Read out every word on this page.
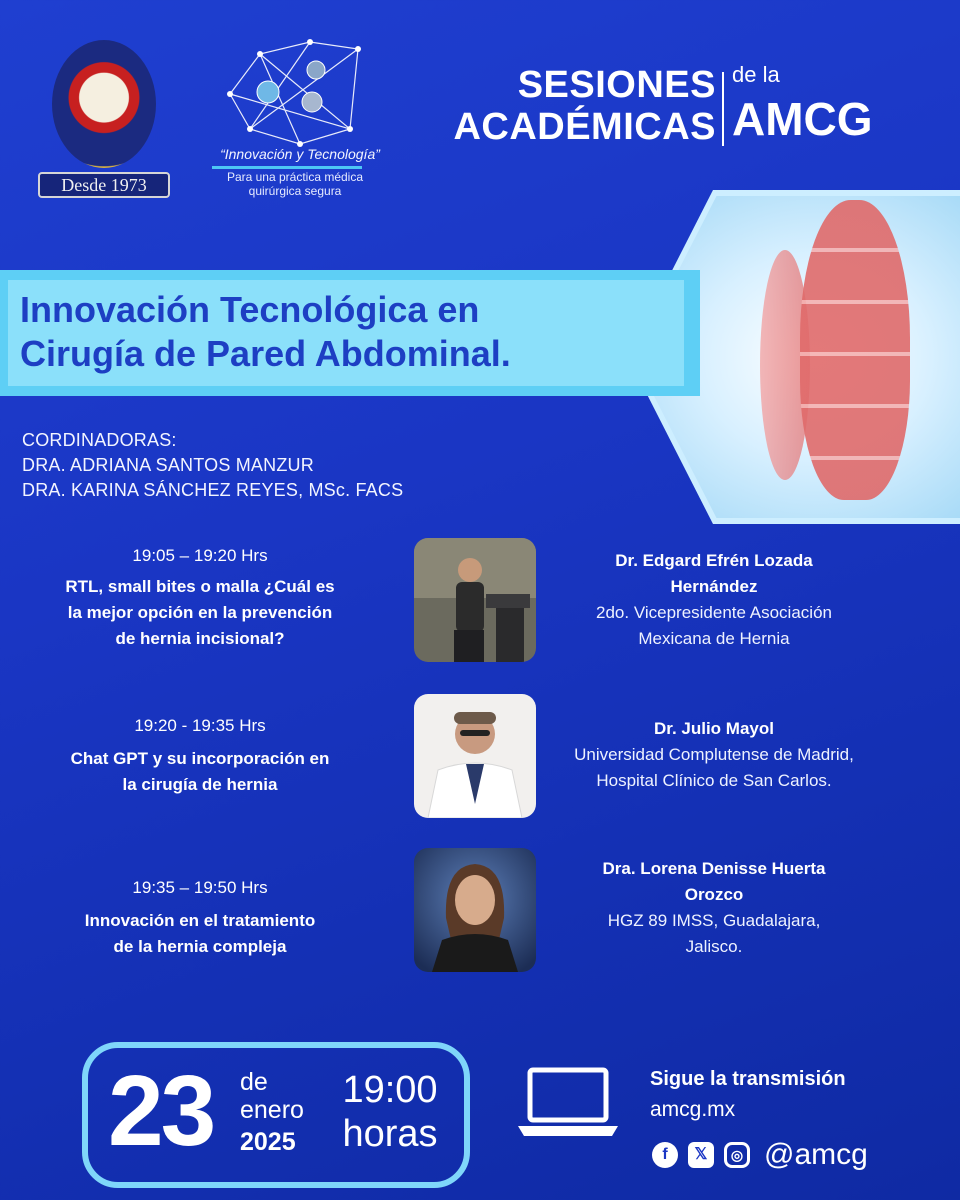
Desde 1973
“Innovación y Tecnología”
Para una práctica médica
quirúrgica segura
SESIONES
ACADÉMICAS
de la
AMCG
Innovación Tecnológica en
Cirugía de Pared Abdominal.
CORDINADORAS:
DRA. ADRIANA SANTOS MANZUR
DRA. KARINA SÁNCHEZ REYES, MSc. FACS
19:05 – 19:20 Hrs
RTL, small bites o malla ¿Cuál es
la mejor opción en la prevención
de hernia incisional?
Dr. Edgard Efrén Lozada
Hernández
2do. Vicepresidente Asociación
Mexicana de Hernia
19:20 - 19:35 Hrs
Chat GPT y su incorporación en
la cirugía de hernia
Dr. Julio Mayol
Universidad Complutense de Madrid,
Hospital Clínico de San Carlos.
19:35 – 19:50 Hrs
Innovación en el tratamiento
de la hernia compleja
Dra. Lorena Denisse Huerta
Orozco
HGZ 89 IMSS, Guadalajara,
Jalisco.
23 de
enero
2025
19:00
horas
Sigue la transmisión
amcg.mx
f	𝕏	◎ @amcg
